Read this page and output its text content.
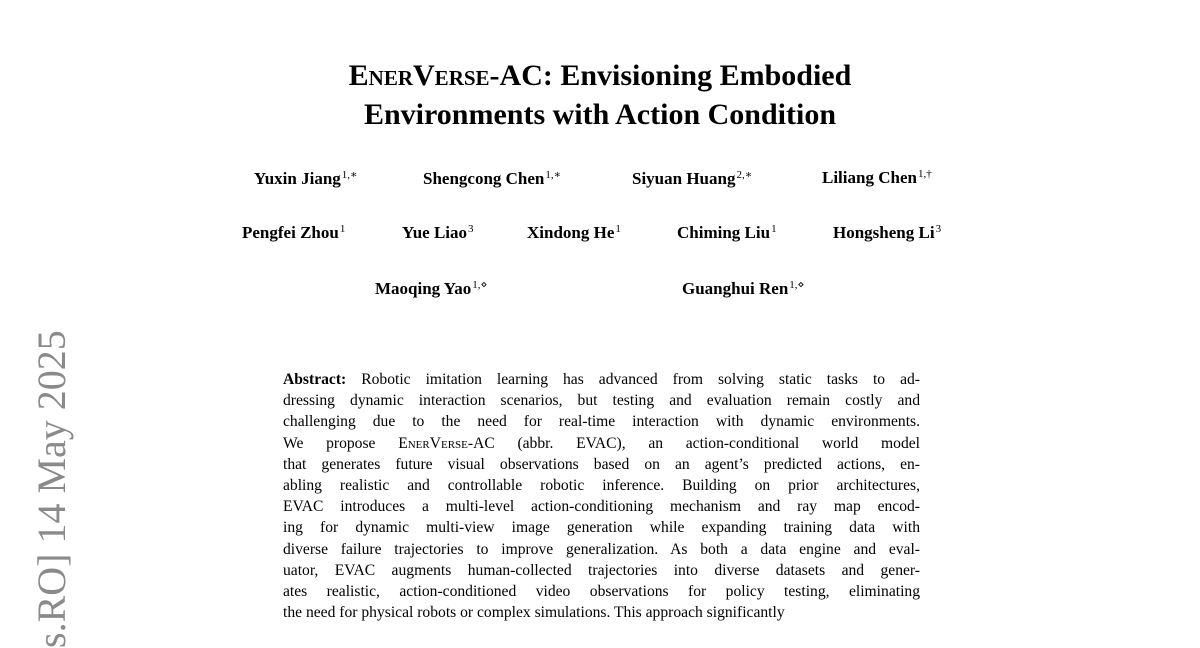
EnerVerse-AC: Envisioning Embodied
Environments with Action Condition
Yuxin Jiang$^{1,∗}$	Shengcong Chen$^{1,∗}$	Siyuan Huang$^{2,∗}$	Liliang Chen$^{1,\dagger}$
Pengfei Zhou$^1$	Yue Liao$^3$	Xindong He$^1$	Chiming Liu$^1$	Hongsheng Li$^3$
Maoqing Yao$^{1,⋄}$	Guanghui Ren$^{1,⋄}$
s.RO] 14 May 2025	Abstract: Robotic imitation learning has advanced from solving static tasks to ad-
dressing dynamic interaction scenarios, but testing and evaluation remain costly and
challenging due to the need for real-time interaction with dynamic environments.
We propose EnerVerse-AC (abbr. EVAC), an action-conditional world model
that generates future visual observations based on an agent’s predicted actions, en-
abling realistic and controllable robotic inference. Building on prior architectures,
EVAC introduces a multi-level action-conditioning mechanism and ray map encod-
ing for dynamic multi-view image generation while expanding training data with
diverse failure trajectories to improve generalization. As both a data engine and eval-
uator, EVAC augments human-collected trajectories into diverse datasets and gener-
ates realistic, action-conditioned video observations for policy testing, eliminating
the need for physical robots or complex simulations. This approach significantly
